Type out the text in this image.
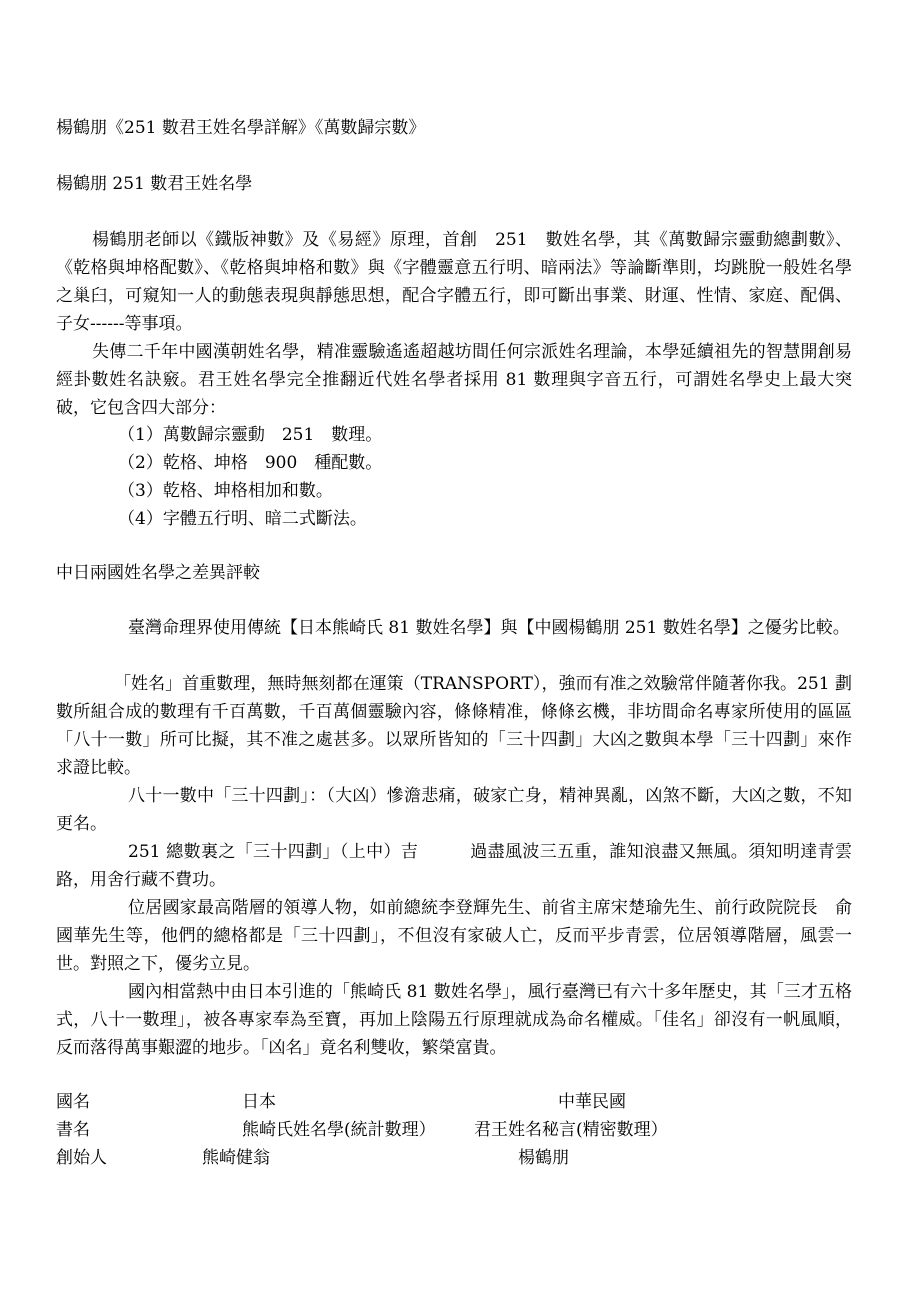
楊鶴朋《251 數君王姓名學詳解》《萬數歸宗數》
楊鶴朋 251 數君王姓名學
楊鶴朋老師以《鐵版神數》及《易經》原理，首創　251　數姓名學，其《萬數歸宗靈動總劃數》、《乾格與坤格配數》、《乾格與坤格和數》與《字體靈意五行明、暗兩法》等論斷準則，均跳脫一般姓名學之巢臼，可窺知一人的動態表現與靜態思想，配合字體五行，即可斷出事業、財運、性情、家庭、配偶、子女------等事項。
失傳二千年中國漢朝姓名學，精准靈驗遙遙超越坊間任何宗派姓名理論，本學延續祖先的智慧開創易經卦數姓名訣竅。君王姓名學完全推翻近代姓名學者採用 81 數理與字音五行，可謂姓名學史上最大突破，它包含四大部分：
（1）萬數歸宗靈動　251　數理。
（2）乾格、坤格　900　種配數。
（3）乾格、坤格相加和數。
（4）字體五行明、暗二式斷法。
中日兩國姓名學之差異評較
臺灣命理界使用傳統【日本熊崎氏 81 數姓名學】與【中國楊鶴朋 251 數姓名學】之優劣比較。
「姓名」首重數理，無時無刻都在運策（TRANSPORT），強而有准之效驗常伴隨著你我。251 劃數所組合成的數理有千百萬數，千百萬個靈驗內容，條條精准，條條玄機，非坊間命名專家所使用的區區「八十一數」所可比擬，其不准之處甚多。以眾所皆知的「三十四劃」大凶之數與本學「三十四劃」來作求證比較。
八十一數中「三十四劃」：（大凶）慘澹悲痛，破家亡身，精神異亂，凶煞不斷，大凶之數，不知更名。
251 總數裏之「三十四劃」（上中）吉　　　過盡風波三五重，誰知浪盡又無風。須知明達青雲路，用舍行藏不費功。
位居國家最高階層的領導人物，如前總統李登輝先生、前省主席宋楚瑜先生、前行政院院長　俞國華先生等，他們的總格都是「三十四劃」，不但沒有家破人亡，反而平步青雲，位居領導階層，風雲一世。對照之下，優劣立見。
國內相當熱中由日本引進的「熊崎氏 81 數姓名學」，風行臺灣已有六十多年歷史，其「三才五格式，八十一數理」，被各專家奉為至寶，再加上陰陽五行原理就成為命名權威。「佳名」卻沒有一帆風順，反而落得萬事艱澀的地步。「凶名」竟名利雙收，繁榮富貴。
國名	日本	中華民國
書名	熊崎氏姓名學(統計數理） 君王姓名秘言(精密數理）
創始人	熊崎健翁	楊鶴朋
